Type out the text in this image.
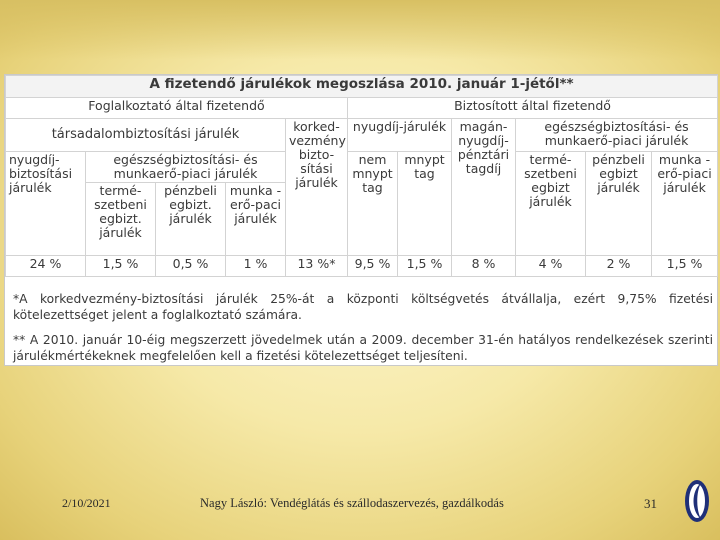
A fizetendő járulékok megoszlása 2010. január 1-jétől**										
Foglalkoztató által fizetendő					Biztosított által fizetendő					
társadalombiztosítási járulék				korked-vezmény bizto-sítási járulék	nyugdíj-járulék		magán-nyugdíj-pénztári tagdíj	egészségbiztosítási- és munkaerő-piaci járulék		
nyugdíj-biztosítási járulék	egészségbiztosítási- és munkaerő-piaci járulék				nem mnypt tag	mnypt tag		termé-szetbeni egbizt járulék	pénzbeli egbizt járulék	munka -erő-piaci járulék
	termé-szetbeni egbizt. járulék	pénzbeli egbizt. járulék	munka -erő-paci járulék							
24 %	1,5 %	0,5 %	1 %	13 %*	9,5 %	1,5 %	8 %	4 %	2 %	1,5 %

*A korkedvezmény-biztosítási járulék 25%-át a központi költségvetés átvállalja, ezért 9,75% fizetési kötelezettséget jelent a foglalkoztató számára.

** A 2010. január 10-éig megszerzett jövedelmek után a 2009. december 31-én hatályos rendelkezések szerinti járulékmértékeknek megfelelően kell a fizetési kötelezettséget teljesíteni.

2/10/2021	Nagy László: Vendéglátás és szállodaszervezés, gazdálkodás	31
